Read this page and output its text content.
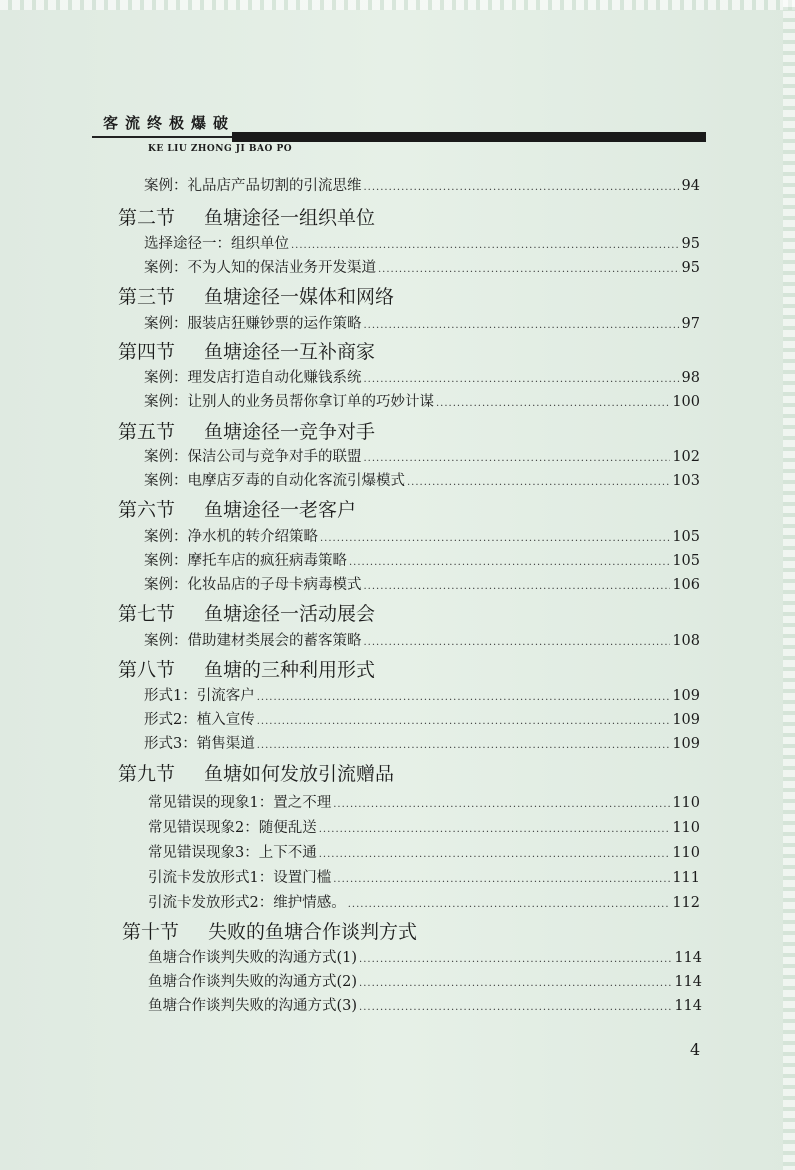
客流终极爆破
KE LIU ZHONG JI BAO PO
案例：礼品店产品切割的引流思维 .....	94
第二节 鱼塘途径一组织单位
选择途径一：组织单位 .....	95
案例：不为人知的保洁业务开发渠道 .....	95
第三节 鱼塘途径一媒体和网络
案例：服装店狂赚钞票的运作策略 .....	97
第四节 鱼塘途径一互补商家
案例：理发店打造自动化赚钱系统 .....	98
案例：让别人的业务员帮你拿订单的巧妙计谋 .....	100
第五节 鱼塘途径一竞争对手
案例：保洁公司与竞争对手的联盟 .....	102
案例：电摩店歹毒的自动化客流引爆模式 .....	103
第六节 鱼塘途径一老客户
案例：净水机的转介绍策略 .....	105
案例：摩托车店的疯狂病毒策略 .....	105
案例：化妆品店的子母卡病毒模式 .....	106
第七节 鱼塘途径一活动展会
案例：借助建材类展会的蓄客策略 .....	108
第八节 鱼塘的三种利用形式
形式1：引流客户 .....	109
形式2：植入宣传 .....	109
形式3：销售渠道 .....	109
第九节 鱼塘如何发放引流赠品
常见错误的现象1：置之不理 .....	110
常见错误现象2：随便乱送 .....	110
常见错误现象3：上下不通 .....	110
引流卡发放形式1：设置门槛 .....	111
引流卡发放形式2：维护情感。 .....	112
第十节 失败的鱼塘合作谈判方式
鱼塘合作谈判失败的沟通方式(1) .....	114
鱼塘合作谈判失败的沟通方式(2) .....	114
鱼塘合作谈判失败的沟通方式(3) .....	114
4
